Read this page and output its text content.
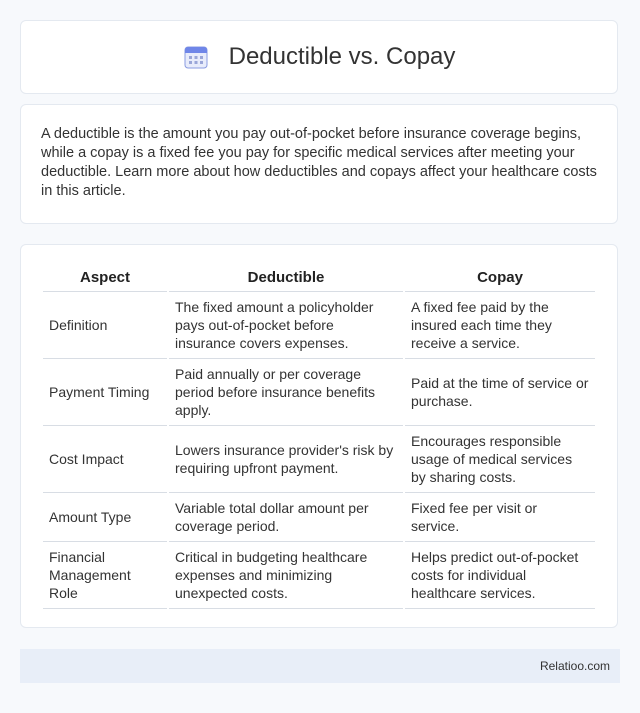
Deductible vs. Copay

A deductible is the amount you pay out-of-pocket before insurance coverage begins, while a copay is a fixed fee you pay for specific medical services after meeting your deductible. Learn more about how deductibles and copays affect your healthcare costs in this article.

Aspect	Deductible	Copay
Definition	The fixed amount a policyholder pays out-of-pocket before insurance covers expenses.	A fixed fee paid by the insured each time they receive a service.
Payment Timing	Paid annually or per coverage period before insurance benefits apply.	Paid at the time of service or purchase.
Cost Impact	Lowers insurance provider's risk by requiring upfront payment.	Encourages responsible usage of medical services by sharing costs.
Amount Type	Variable total dollar amount per coverage period.	Fixed fee per visit or service.
Financial Management Role	Critical in budgeting healthcare expenses and minimizing unexpected costs.	Helps predict out-of-pocket costs for individual healthcare services.
Relatioo.com
